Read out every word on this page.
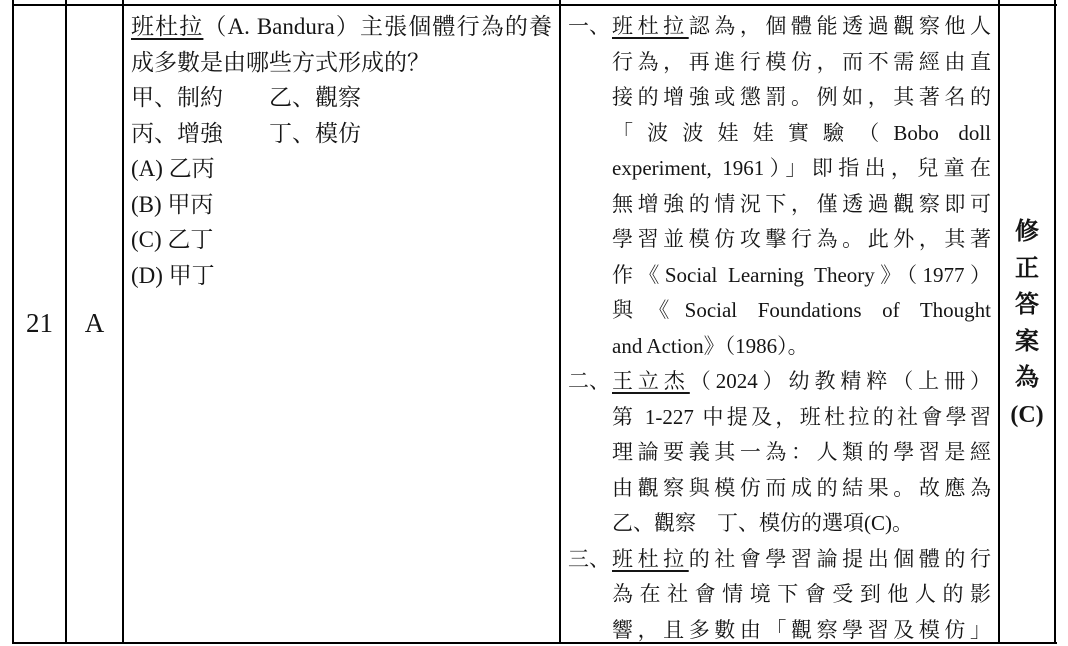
21 A
班杜拉（A. Bandura）主張個體行為的養
成多數是由哪些方式形成的？
甲、制約　　乙、觀察
丙、增強　　丁、模仿
(A) 乙丙
(B) 甲丙
(C) 乙丁
(D) 甲丁
一、 班杜拉認為，個體能透過觀察他人
行為，再進行模仿，而不需經由直
接的增強或懲罰。例如，其著名的
「波波娃娃實驗（Bobo doll
experiment, 1961）」即指出，兒童在
無增強的情況下，僅透過觀察即可
學習並模仿攻擊行為。此外，其著
作《Social Learning Theory》（1977）
與《Social Foundations of Thought
and Action》（1986）。
二、 王立杰（2024）幼教精粹（上冊）
第 1-227 中提及，班杜拉的社會學習
理論要義其一為：人類的學習是經
由觀察與模仿而成的結果。故應為
乙、觀察　丁、模仿的選項(C)。
三、 班杜拉的社會學習論提出個體的行
為在社會情境下會受到他人的影
響，且多數由「觀察學習及模仿」
修
正
答
案
為
(C)
